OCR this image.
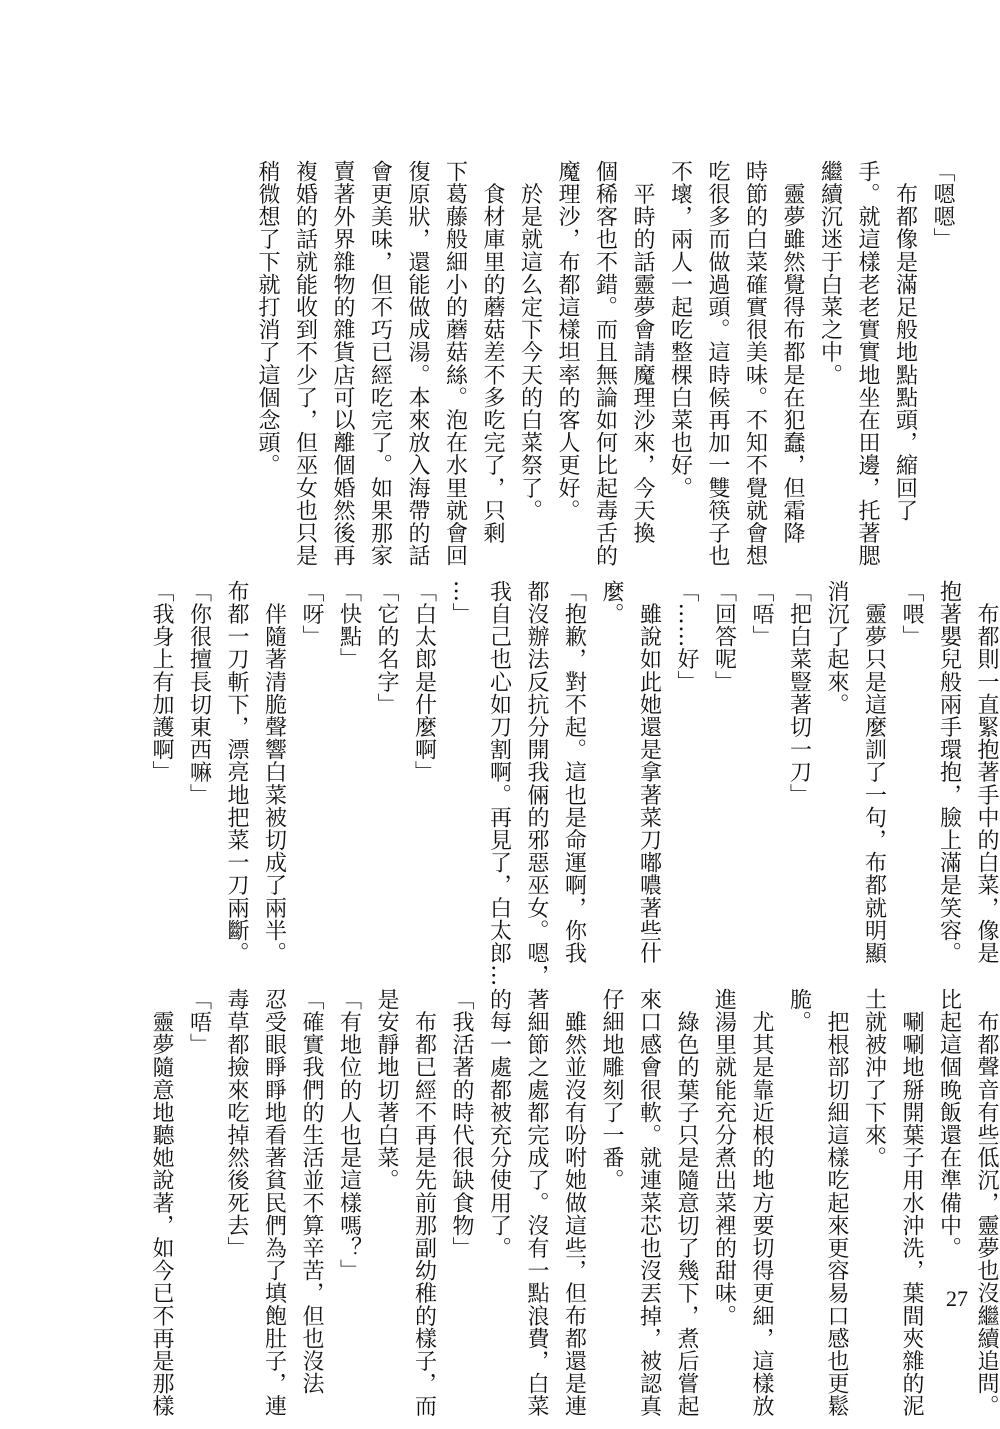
「嗯嗯」
　布都像是滿足般地點點頭，縮回了
手。就這樣老老實實地坐在田邊，托著腮
繼續沉迷于白菜之中。
　靈夢雖然覺得布都是在犯蠢，但霜降
時節的白菜確實很美味。不知不覺就會想
吃很多而做過頭。這時候再加一雙筷子也
不壞，兩人一起吃整棵白菜也好。
　平時的話靈夢會請魔理沙來，今天換
個稀客也不錯。而且無論如何比起毒舌的
魔理沙，布都這樣坦率的客人更好。
　於是就這么定下今天的白菜祭了。
　食材庫里的蘑菇差不多吃完了，只剩
下葛藤般細小的蘑菇絲。泡在水里就會回
復原狀，還能做成湯。本來放入海帶的話
會更美味，但不巧已經吃完了。如果那家
賣著外界雜物的雜貨店可以離個婚然後再
複婚的話就能收到不少了，但巫女也只是
稍微想了下就打消了這個念頭。
　布都則一直緊抱著手中的白菜，像是
抱著嬰兒般兩手環抱，臉上滿是笑容。
「喂」
　靈夢只是這麼訓了一句，布都就明顯
消沉了起來。
「把白菜豎著切一刀」
「唔」
「回答呢」
「……好」
　雖說如此她還是拿著菜刀嘟噥著些什
麼。
「抱歉，對不起。這也是命運啊，你我
都沒辦法反抗分開我倆的邪惡巫女。嗯，
我自己也心如刀割啊。再見了，白太郎…
…」
「白太郎是什麼啊」
「它的名字」
「快點」
「呀」
　伴隨著清脆聲響白菜被切成了兩半。
布都一刀斬下，漂亮地把菜一刀兩斷。
「你很擅長切東西嘛」
「我身上有加護啊」
　布都聲音有些低沉，靈夢也沒繼續追問。
比起這個晚飯還在準備中。
　唰唰地掰開葉子用水沖洗，葉間夾雜的泥
土就被沖了下來。
　把根部切細這樣吃起來更容易口感也更鬆
脆。
　尤其是靠近根的地方要切得更細，這樣放
進湯里就能充分煮出菜裡的甜味。
　綠色的葉子只是隨意切了幾下，煮后嘗起
來口感會很軟。就連菜芯也沒丟掉，被認真
仔細地雕刻了一番。
　雖然並沒有吩咐她做這些，但布都還是連
著細節之處都完成了。沒有一點浪費，白菜
的每一處都被充分使用了。
「我活著的時代很缺食物」
　布都已經不再是先前那副幼稚的樣子，而
是安靜地切著白菜。
「有地位的人也是這樣嗎？」
「確實我們的生活並不算辛苦，但也沒法
忍受眼睜睜地看著貧民們為了填飽肚子，連
毒草都撿來吃掉然後死去」
「唔」
　靈夢隨意地聽她說著，如今已不再是那樣	27
